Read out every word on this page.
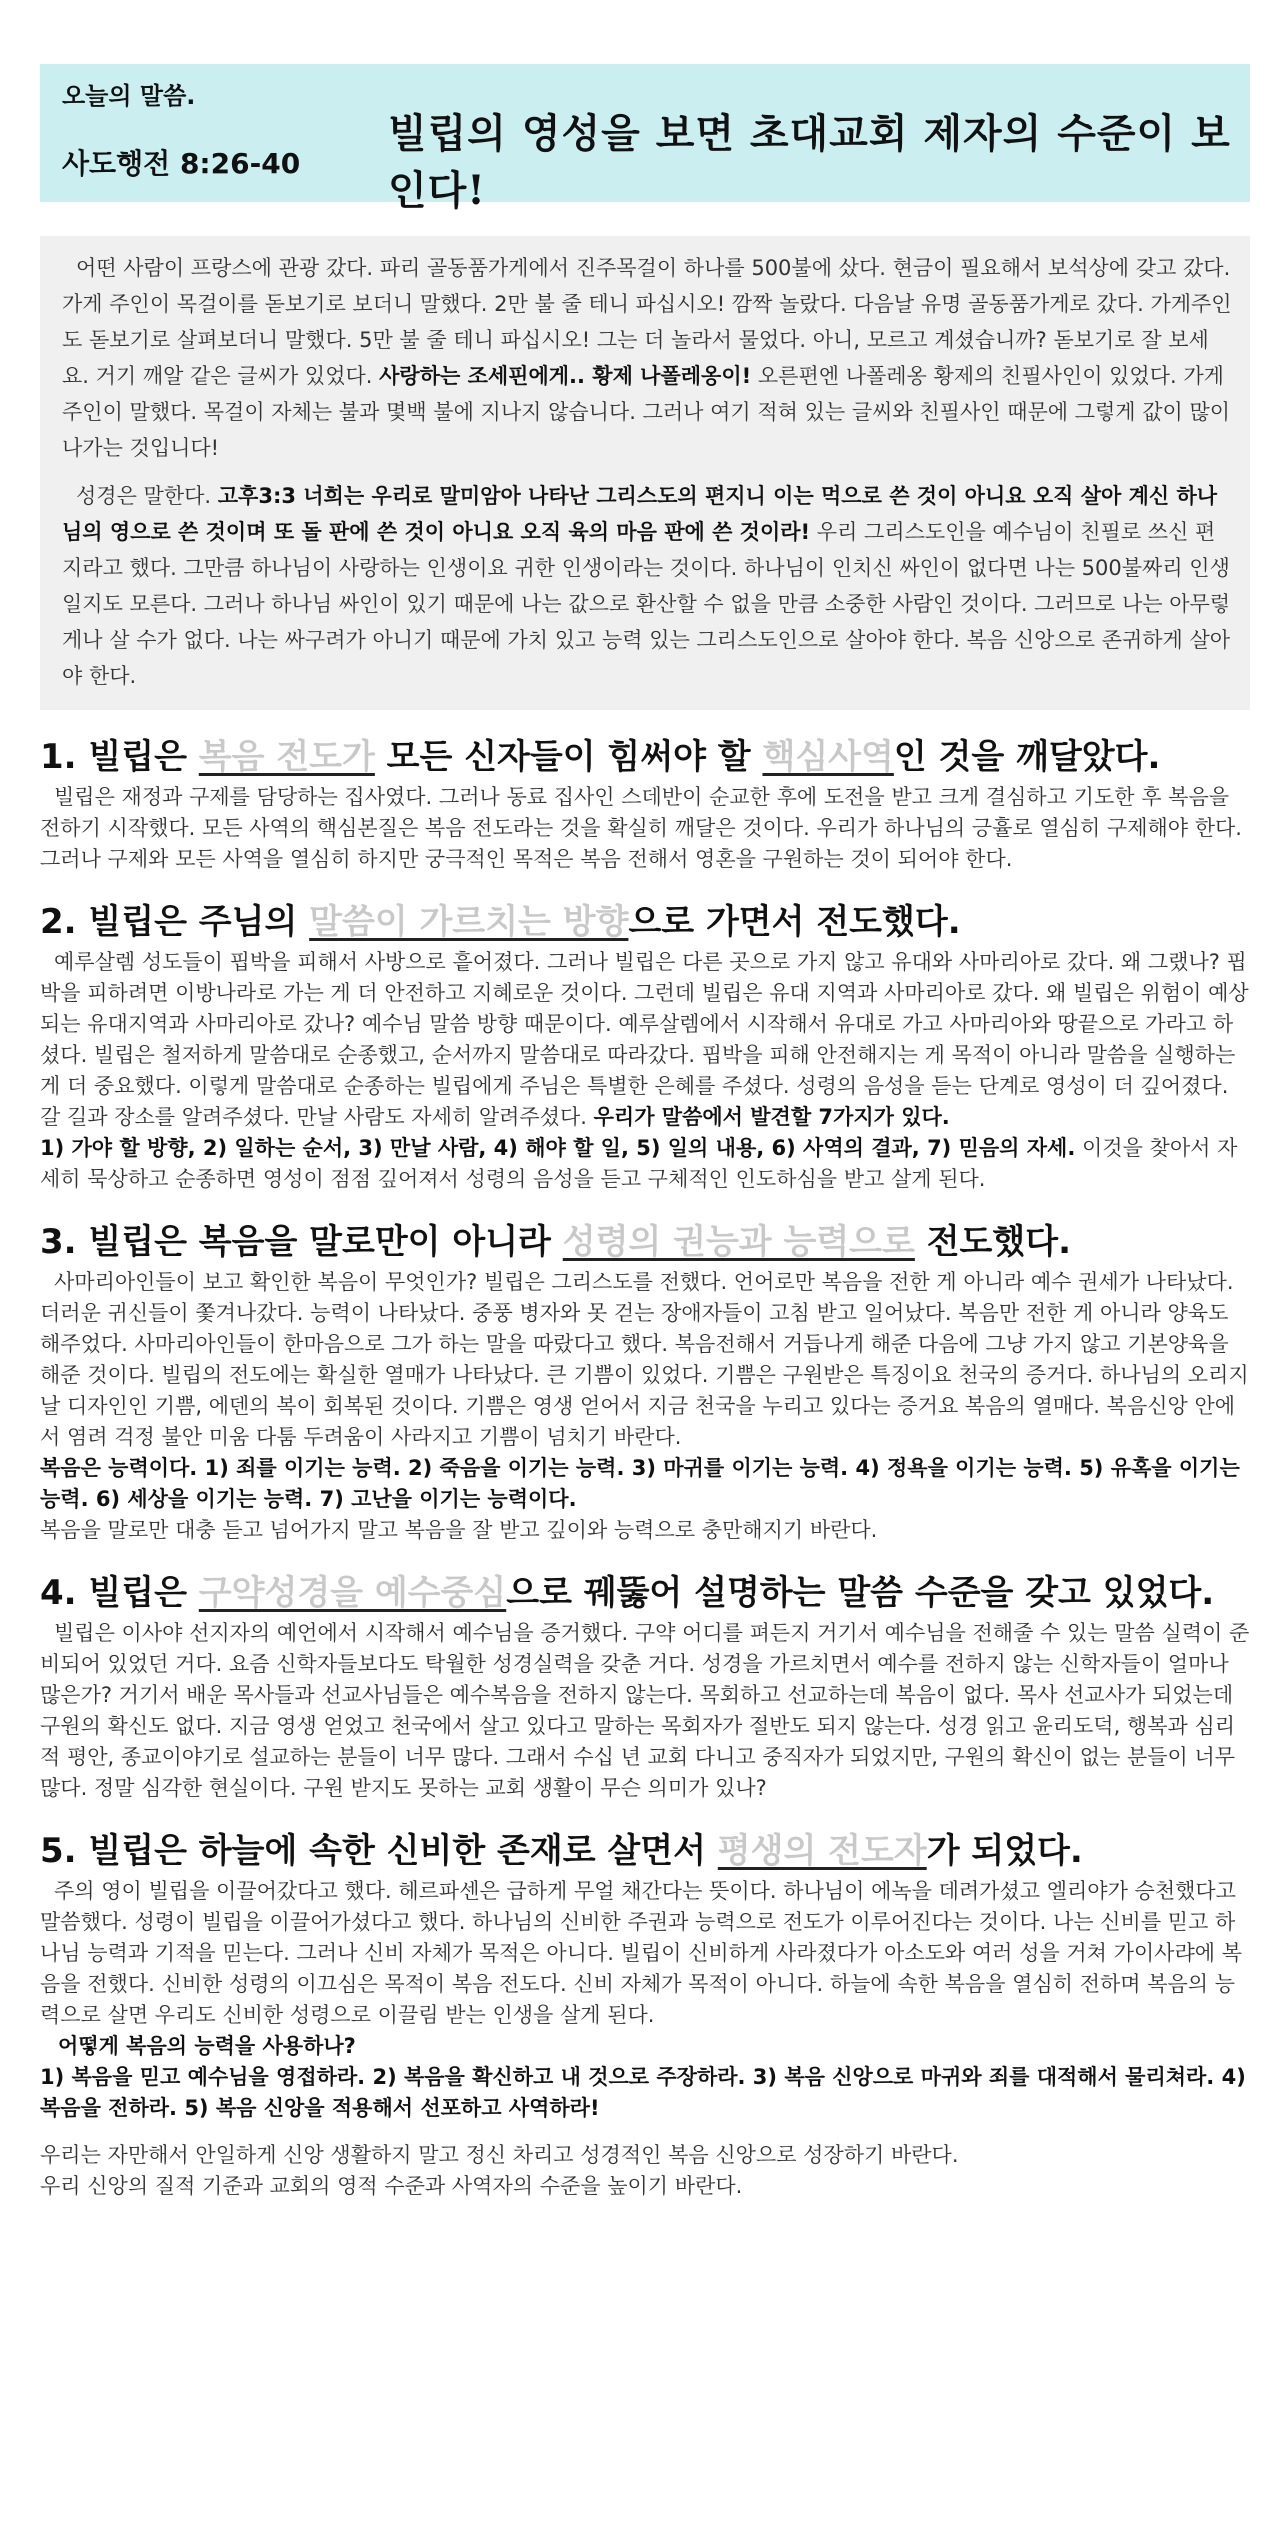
오늘의 말씀.
사도행전 8:26-40
빌립의 영성을 보면 초대교회 제자의 수준이 보인다!

어떤 사람이 프랑스에 관광 갔다. 파리 골동품가게에서 진주목걸이 하나를 500불에 샀다. 현금이 필요해서 보석상에 갖고 갔다. 가게 주인이 목걸이를 돋보기로 보더니 말했다. 2만 불 줄 테니 파십시오! 깜짝 놀랐다. 다음날 유명 골동품가게로 갔다. 가게주인도 돋보기로 살펴보더니 말했다. 5만 불 줄 테니 파십시오! 그는 더 놀라서 물었다. 아니, 모르고 계셨습니까? 돋보기로 잘 보세요. 거기 깨알 같은 글씨가 있었다. 사랑하는 조세핀에게.. 황제 나폴레옹이! 오른편엔 나폴레옹 황제의 친필사인이 있었다. 가게주인이 말했다. 목걸이 자체는 불과 몇백 불에 지나지 않습니다. 그러나 여기 적혀 있는 글씨와 친필사인 때문에 그렇게 값이 많이 나가는 것입니다!

성경은 말한다. 고후3:3 너희는 우리로 말미암아 나타난 그리스도의 편지니 이는 먹으로 쓴 것이 아니요 오직 살아 계신 하나님의 영으로 쓴 것이며 또 돌 판에 쓴 것이 아니요 오직 육의 마음 판에 쓴 것이라! 우리 그리스도인을 예수님이 친필로 쓰신 편지라고 했다. 그만큼 하나님이 사랑하는 인생이요 귀한 인생이라는 것이다. 하나님이 인치신 싸인이 없다면 나는 500불짜리 인생일지도 모른다. 그러나 하나님 싸인이 있기 때문에 나는 값으로 환산할 수 없을 만큼 소중한 사람인 것이다. 그러므로 나는 아무렇게나 살 수가 없다. 나는 싸구려가 아니기 때문에 가치 있고 능력 있는 그리스도인으로 살아야 한다. 복음 신앙으로 존귀하게 살아야 한다.

1. 빌립은 복음 전도가 모든 신자들이 힘써야 할 핵심사역인 것을 깨달았다.

빌립은 재정과 구제를 담당하는 집사였다. 그러나 동료 집사인 스데반이 순교한 후에 도전을 받고 크게 결심하고 기도한 후 복음을 전하기 시작했다. 모든 사역의 핵심본질은 복음 전도라는 것을 확실히 깨달은 것이다. 우리가 하나님의 긍휼로 열심히 구제해야 한다. 그러나 구제와 모든 사역을 열심히 하지만 궁극적인 목적은 복음 전해서 영혼을 구원하는 것이 되어야 한다.

2. 빌립은 주님의 말씀이 가르치는 방향으로 가면서 전도했다.

예루살렘 성도들이 핍박을 피해서 사방으로 흩어졌다. 그러나 빌립은 다른 곳으로 가지 않고 유대와 사마리아로 갔다. 왜 그랬나? 핍박을 피하려면 이방나라로 가는 게 더 안전하고 지혜로운 것이다. 그런데 빌립은 유대 지역과 사마리아로 갔다. 왜 빌립은 위험이 예상되는 유대지역과 사마리아로 갔나? 예수님 말씀 방향 때문이다. 예루살렘에서 시작해서 유대로 가고 사마리아와 땅끝으로 가라고 하셨다. 빌립은 철저하게 말씀대로 순종했고, 순서까지 말씀대로 따라갔다. 핍박을 피해 안전해지는 게 목적이 아니라 말씀을 실행하는 게 더 중요했다. 이렇게 말씀대로 순종하는 빌립에게 주님은 특별한 은혜를 주셨다. 성령의 음성을 듣는 단계로 영성이 더 깊어졌다. 갈 길과 장소를 알려주셨다. 만날 사람도 자세히 알려주셨다. 우리가 말씀에서 발견할 7가지가 있다.

1) 가야 할 방향, 2) 일하는 순서, 3) 만날 사람, 4) 해야 할 일, 5) 일의 내용, 6) 사역의 결과, 7) 믿음의 자세. 이것을 찾아서 자세히 묵상하고 순종하면 영성이 점점 깊어져서 성령의 음성을 듣고 구체적인 인도하심을 받고 살게 된다.

3. 빌립은 복음을 말로만이 아니라 성령의 권능과 능력으로 전도했다.

사마리아인들이 보고 확인한 복음이 무엇인가? 빌립은 그리스도를 전했다. 언어로만 복음을 전한 게 아니라 예수 권세가 나타났다. 더러운 귀신들이 쫓겨나갔다. 능력이 나타났다. 중풍 병자와 못 걷는 장애자들이 고침 받고 일어났다. 복음만 전한 게 아니라 양육도 해주었다. 사마리아인들이 한마음으로 그가 하는 말을 따랐다고 했다. 복음전해서 거듭나게 해준 다음에 그냥 가지 않고 기본양육을 해준 것이다. 빌립의 전도에는 확실한 열매가 나타났다. 큰 기쁨이 있었다. 기쁨은 구원받은 특징이요 천국의 증거다. 하나님의 오리지날 디자인인 기쁨, 에덴의 복이 회복된 것이다. 기쁨은 영생 얻어서 지금 천국을 누리고 있다는 증거요 복음의 열매다. 복음신앙 안에서 염려 걱정 불안 미움 다툼 두려움이 사라지고 기쁨이 넘치기 바란다.

복음은 능력이다. 1) 죄를 이기는 능력. 2) 죽음을 이기는 능력. 3) 마귀를 이기는 능력. 4) 정욕을 이기는 능력. 5) 유혹을 이기는 능력. 6) 세상을 이기는 능력. 7) 고난을 이기는 능력이다.

복음을 말로만 대충 듣고 넘어가지 말고 복음을 잘 받고 깊이와 능력으로 충만해지기 바란다.

4. 빌립은 구약성경을 예수중심으로 꿰뚫어 설명하는 말씀 수준을 갖고 있었다.

빌립은 이사야 선지자의 예언에서 시작해서 예수님을 증거했다. 구약 어디를 펴든지 거기서 예수님을 전해줄 수 있는 말씀 실력이 준비되어 있었던 거다. 요즘 신학자들보다도 탁월한 성경실력을 갖춘 거다. 성경을 가르치면서 예수를 전하지 않는 신학자들이 얼마나 많은가? 거기서 배운 목사들과 선교사님들은 예수복음을 전하지 않는다. 목회하고 선교하는데 복음이 없다. 목사 선교사가 되었는데 구원의 확신도 없다. 지금 영생 얻었고 천국에서 살고 있다고 말하는 목회자가 절반도 되지 않는다. 성경 읽고 윤리도덕, 행복과 심리적 평안, 종교이야기로 설교하는 분들이 너무 많다. 그래서 수십 년 교회 다니고 중직자가 되었지만, 구원의 확신이 없는 분들이 너무 많다. 정말 심각한 현실이다. 구원 받지도 못하는 교회 생활이 무슨 의미가 있나?

5. 빌립은 하늘에 속한 신비한 존재로 살면서 평생의 전도자가 되었다.

주의 영이 빌립을 이끌어갔다고 했다. 헤르파센은 급하게 무얼 채간다는 뜻이다. 하나님이 에녹을 데려가셨고 엘리야가 승천했다고 말씀했다. 성령이 빌립을 이끌어가셨다고 했다. 하나님의 신비한 주권과 능력으로 전도가 이루어진다는 것이다. 나는 신비를 믿고 하나님 능력과 기적을 믿는다. 그러나 신비 자체가 목적은 아니다. 빌립이 신비하게 사라졌다가 아소도와 여러 성을 거쳐 가이사랴에 복음을 전했다. 신비한 성령의 이끄심은 목적이 복음 전도다. 신비 자체가 목적이 아니다. 하늘에 속한 복음을 열심히 전하며 복음의 능력으로 살면 우리도 신비한 성령으로 이끌림 받는 인생을 살게 된다.

어떻게 복음의 능력을 사용하나?

1) 복음을 믿고 예수님을 영접하라. 2) 복음을 확신하고 내 것으로 주장하라. 3) 복음 신앙으로 마귀와 죄를 대적해서 물리쳐라. 4) 복음을 전하라. 5) 복음 신앙을 적용해서 선포하고 사역하라!

우리는 자만해서 안일하게 신앙 생활하지 말고 정신 차리고 성경적인 복음 신앙으로 성장하기 바란다.
우리 신앙의 질적 기준과 교회의 영적 수준과 사역자의 수준을 높이기 바란다.
